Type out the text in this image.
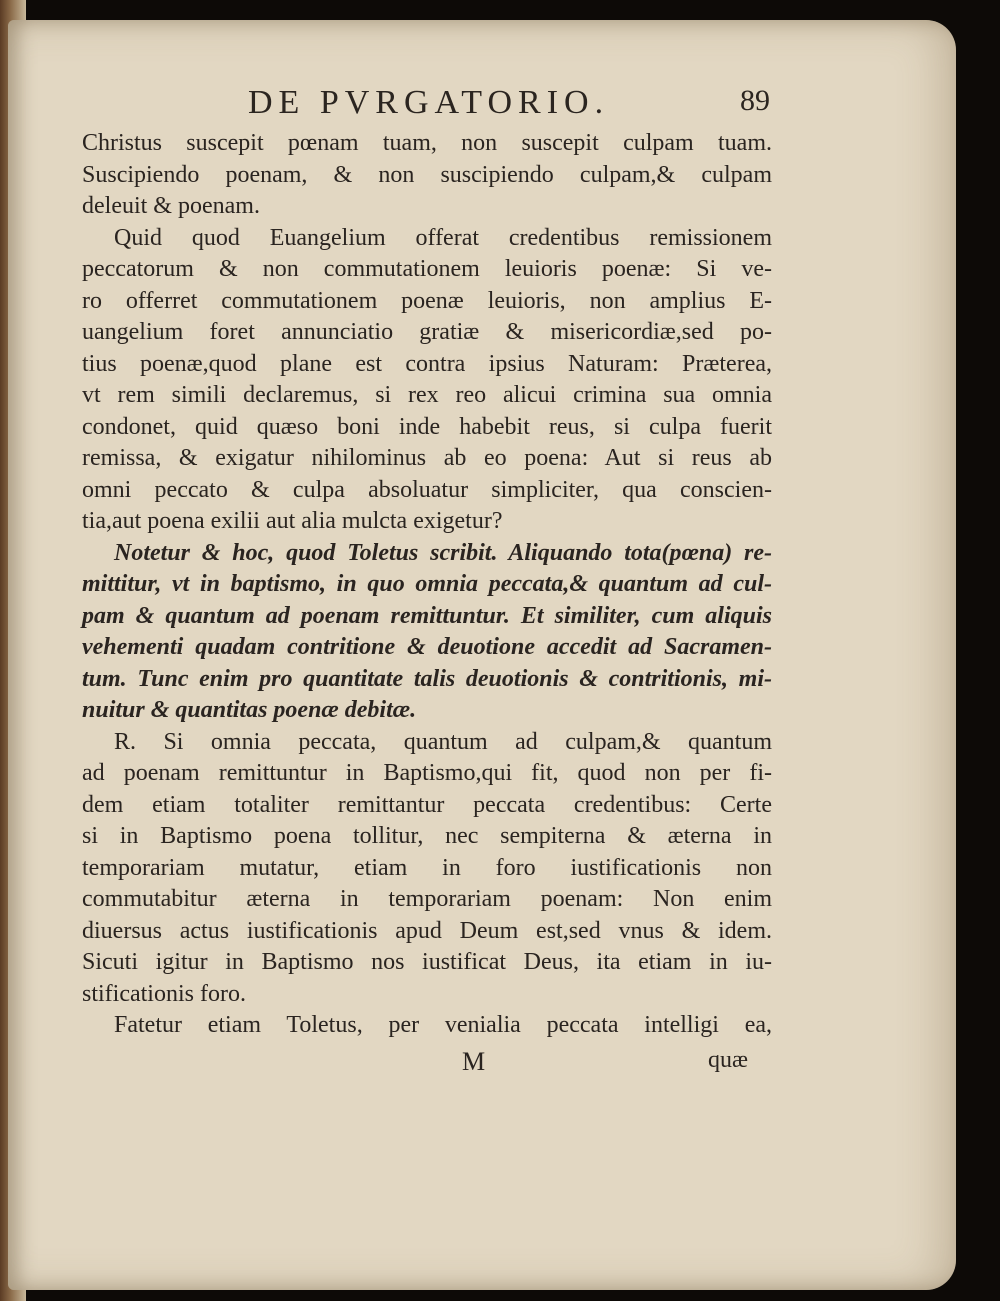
DE PVRGATORIO.	89
Christus suscepit pœnam tuam, non suscepit culpam tuam.
Suscipiendo poenam, & non suscipiendo culpam,& culpam
deleuit & poenam.
Quid quod Euangelium offerat credentibus remissionem
peccatorum & non commutationem leuioris poenæ: Si ve-
ro offerret commutationem poenæ leuioris, non amplius E-
uangelium foret annunciatio gratiæ & misericordiæ,sed po-
tius poenæ,quod plane est contra ipsius Naturam: Præterea,
vt rem simili declaremus, si rex reo alicui crimina sua omnia
condonet, quid quæso boni inde habebit reus, si culpa fuerit
remissa, & exigatur nihilominus ab eo poena: Aut si reus ab
omni peccato & culpa absoluatur simpliciter, qua conscien-
tia,aut poena exilii aut alia mulcta exigetur?
Notetur & hoc, quod Toletus scribit. Aliquando tota(pœna) re-
mittitur, vt in baptismo, in quo omnia peccata,& quantum ad cul-
pam & quantum ad poenam remittuntur. Et similiter, cum aliquis
vehementi quadam contritione & deuotione accedit ad Sacramen-
tum. Tunc enim pro quantitate talis deuotionis & contritionis, mi-
nuitur & quantitas poenæ debitæ.
R. Si omnia peccata, quantum ad culpam,& quantum
ad poenam remittuntur in Baptismo,qui fit, quod non per fi-
dem etiam totaliter remittantur peccata credentibus: Certe
si in Baptismo poena tollitur, nec sempiterna & æterna in
temporariam mutatur, etiam in foro iustificationis non
commutabitur æterna in temporariam poenam: Non enim
diuersus actus iustificationis apud Deum est,sed vnus & idem.
Sicuti igitur in Baptismo nos iustificat Deus, ita etiam in iu-
stificationis foro.
Fatetur etiam Toletus, per venialia peccata intelligi ea,
M	quæ
